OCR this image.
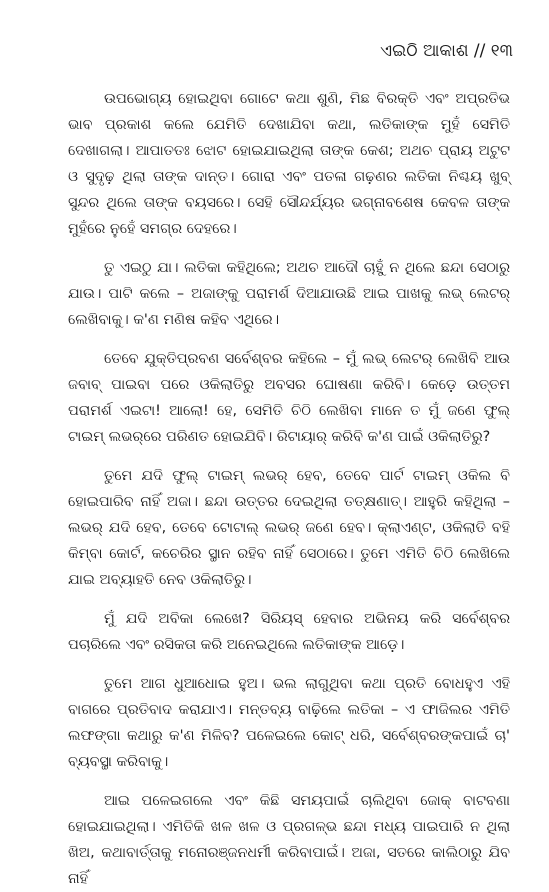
ଏଇଠି ଆକାଶ // ୧୩

ଉପଭୋଗ୍ୟ ହୋଇଥିବା ଗୋଟେ କଥା ଶୁଣି, ମିଛ ବିରକ୍ତି ଏବଂ ଅପ୍ରତିଭ ଭାବ ପ୍ରକାଶ କଲେ ଯେମିତି ଦେଖାଯିବା କଥା, ଲତିକାଙ୍କ ମୁହଁ ସେମିତି ଦେଖାଗଲା। ଆପାତତଃ ଝୋଟ ହୋଇଯାଇଥିଲା ତାଙ୍କ କେଶ; ଅଥଚ ପ୍ରାୟ ଅଟୁଟ ଓ ସୁଦୃଢ଼ ଥିଲା ତାଙ୍କ ଦାନ୍ତ। ଗୋରା ଏବଂ ପତଳା ଗଢ଼ଣର ଲତିକା ନିଶ୍ଚୟ ଖୁବ୍ ସୁନ୍ଦର ଥିଲେ ତାଙ୍କ ବୟସରେ। ସେହି ସୌନ୍ଦର୍ଯ୍ୟର ଭଗ୍ନାବଶେଷ କେବଳ ତାଙ୍କ ମୁହଁରେ ନୁହେଁ ସମଗ୍ର ଦେହରେ।

ତୁ ଏଇଠୁ ଯା। ଲତିକା କହିଥିଲେ; ଅଥଚ ଆଦୌ ଚାହୁଁ ନ ଥିଲେ ଛନ୍ଦା ସେଠାରୁ ଯାଉ। ପାଟି କଲେ – ଅଜାଙ୍କୁ ପରାମର୍ଶ ଦିଆଯାଉଛି ଆଇ ପାଖକୁ ଲଭ୍ ଲେଟର୍ ଲେଖିବାକୁ। କ'ଣ ମଣିଷ କହିବ ଏଥିରେ।

ତେବେ ଯୁକ୍ତିପ୍ରବଣ ସର୍ବେଶ୍ବର କହିଲେ – ମୁଁ ଲଭ୍ ଲେଟର୍ ଲେଖିବି ଆଉ ଜବାବ୍ ପାଇବା ପରେ ଓକିଲାତିରୁ ଅବସର ଘୋଷଣା କରିବି। କେଡ଼େ ଉତ୍ତମ ପରାମର୍ଶ ଏଇଟା! ଆଲୋ! ହେ, ସେମିତି ଚିଠି ଲେଖିବା ମାନେ ତ ମୁଁ ଜଣେ ଫୁଲ୍ ଟାଇମ୍ ଲଭର୍‌ରେ ପରିଣତ ହୋଇଯିବି। ରିଟାୟାର୍ କରିବି କ'ଣ ପାଇଁ ଓକିଲାତିରୁ?

ତୁମେ ଯଦି ଫୁଲ୍ ଟାଇମ୍ ଲଭର୍ ହେବ, ତେବେ ପାର୍ଟ ଟାଇମ୍ ଓକିଲ ବି ହୋଇପାରିବ ନାହିଁ ଅଜା। ଛନ୍ଦା ଉତ୍ତର ଦେଇଥିଲା ତତ୍‌କ୍ଷଣାତ୍। ଆହୁରି କହିଥିଲା – ଲଭର୍ ଯଦି ହେବ, ତେବେ ଟୋଟାଲ୍ ଲଭର୍ ଜଣେ ହେବ। କ୍ଲାଏଣ୍ଟ, ଓକିଲାତି ବହି କିମ୍ବା କୋର୍ଟ, କଚେରିର ସ୍ଥାନ ରହିବ ନାହିଁ ସେଠାରେ। ତୁମେ ଏମିତି ଚିଠି ଲେଖିଲେ ଯାଇ ଅବ୍ୟାହତି ନେବ ଓକିଲାତିରୁ।

ମୁଁ ଯଦି ଅବିକା ଲେଖେ? ସିରିୟସ୍ ହେବାର ଅଭିନୟ କରି ସର୍ବେଶ୍ବର ପଚାରିଲେ ଏବଂ ରସିକତା କରି ଅନେଇଥିଲେ ଲତିକାଙ୍କ ଆଡ଼େ।

ତୁମେ ଆଗ ଧୁଆଧୋଇ ହୁଅ। ଭଲ ଲାଗୁଥିବା କଥା ପ୍ରତି ବୋଧହୁଏ ଏହି ବାଗରେ ପ୍ରତିବାଦ କରାଯାଏ। ମନ୍ତବ୍ୟ ବାଢ଼ିଲେ ଲତିକା – ଏ ଫାଜିଲର ଏମିତି ଲଫଙ୍ଗା କଥାରୁ କ'ଣ ମିଳିବ? ପଳେଇଲେ କୋଟ୍ ଧରି, ସର୍ବେଶ୍ବରଙ୍କପାଇଁ ଚା' ବ୍ୟବସ୍ଥା କରିବାକୁ।

ଆଇ ପଳେଇଗଲେ ଏବଂ କିଛି ସମୟପାଇଁ ଚାଲିଥିବା ଜୋକ୍ ବାଟବଣା ହୋଇଯାଇଥିଲା। ଏମିତିକି ଖଳ ଖଳ ଓ ପ୍ରଗଳ୍ଭ ଛନ୍ଦା ମଧ୍ୟ ପାଇପାରି ନ ଥିଲା ଖିଅ, କଥାବାର୍ତ୍ତାକୁ ମନୋରଞ୍ଜନଧର୍ମୀ କରିବାପାଇଁ। ଅଜା, ସତରେ କାଲିଠାରୁ ଯିବ ନାହିଁ
